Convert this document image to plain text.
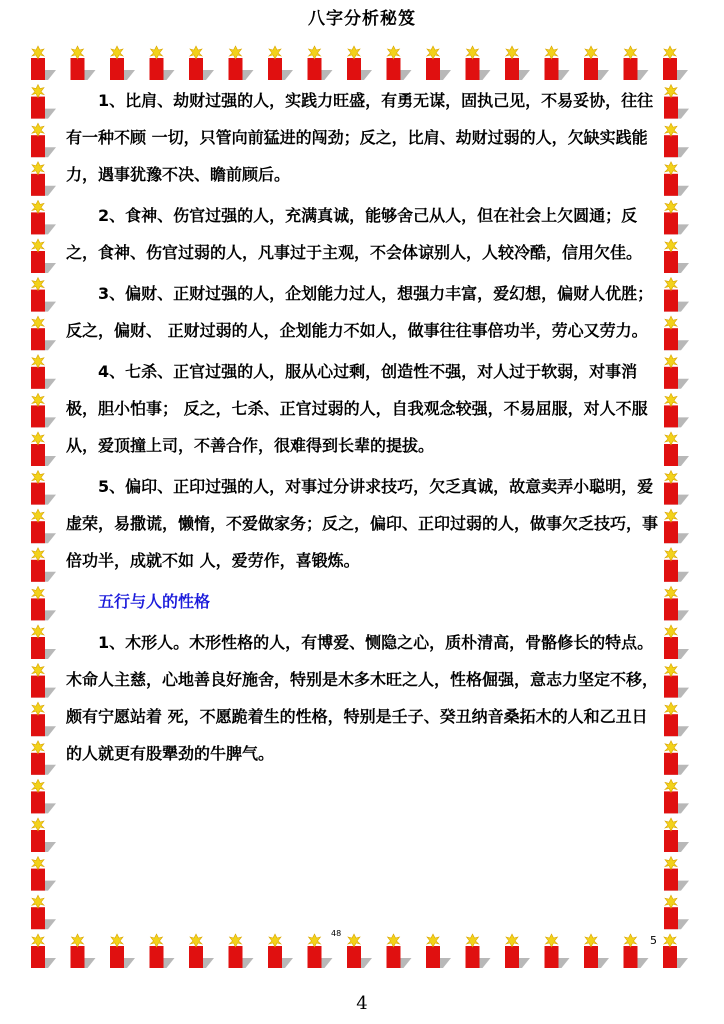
八字分析秘笈

1、比肩、劫财过强的人，实践力旺盛，有勇无谋，固执己见，不易妥协，往往有一种不顾 一切，只管向前猛进的闯劲；反之，比肩、劫财过弱的人，欠缺实践能力，遇事犹豫不决、瞻前顾后。

2、食神、伤官过强的人，充满真诚，能够舍己从人，但在社会上欠圆通；反之，食神、伤官过弱的人，凡事过于主观，不会体谅别人，人较冷酷，信用欠佳。

3、偏财、正财过强的人，企划能力过人，想强力丰富，爱幻想，偏财人优胜；反之，偏财、 正财过弱的人，企划能力不如人，做事往往事倍功半，劳心又劳力。

4、七杀、正官过强的人，服从心过剩，创造性不强，对人过于软弱，对事消极，胆小怕事； 反之，七杀、正官过弱的人，自我观念较强，不易屈服，对人不服从，爱顶撞上司，不善合作，很难得到长辈的提拔。

5、偏印、正印过强的人，对事过分讲求技巧，欠乏真诚，故意卖弄小聪明，爱虚荣，易撒谎，懒惰，不爱做家务；反之，偏印、正印过弱的人，做事欠乏技巧，事倍功半，成就不如 人，爱劳作，喜锻炼。

五行与人的性格

1、木形人。木形性格的人，有博爱、恻隐之心，质朴清高，骨骼修长的特点。木命人主慈，心地善良好施舍，特别是木多木旺之人，性格倔强，意志力坚定不移，颇有宁愿站着 死，不愿跪着生的性格，特别是壬子、癸丑纳音桑拓木的人和乙丑日的人就更有股犟劲的牛脾气。

48
5
4
